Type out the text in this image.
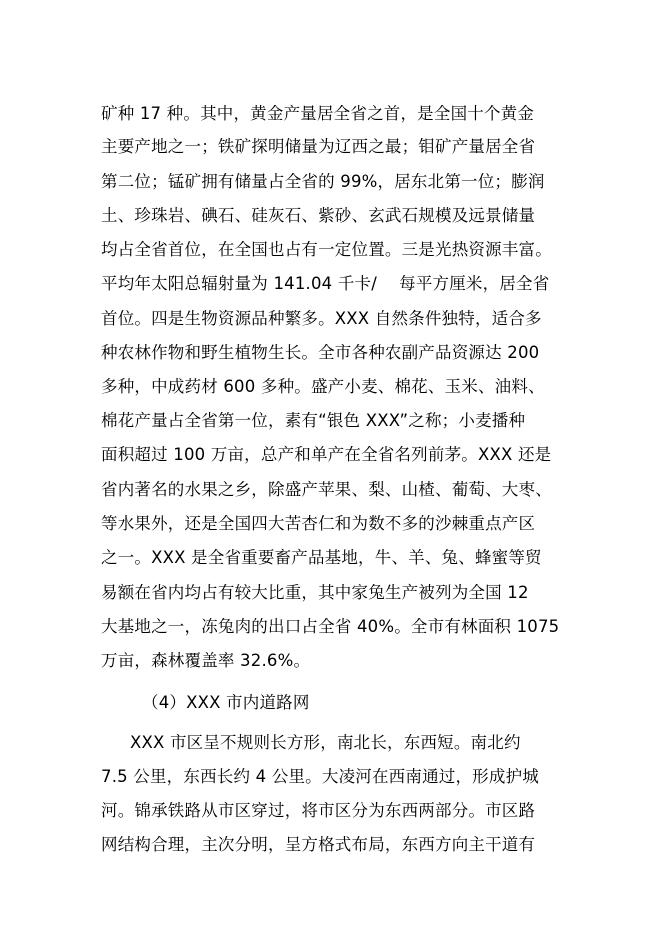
矿种 17 种。其中，黄金产量居全省之首，是全国十个黄金
主要产地之一；铁矿探明储量为辽西之最；钼矿产量居全省
第二位；锰矿拥有储量占全省的 99%，居东北第一位；膨润
土、珍珠岩、碘石、硅灰石、紫砂、玄武石规模及远景储量
均占全省首位，在全国也占有一定位置。三是光热资源丰富。
平均年太阳总辐射量为 141.04 千卡/　 每平方厘米，居全省
首位。四是生物资源品种繁多。XXX 自然条件独特，适合多
种农林作物和野生植物生长。全市各种农副产品资源达 200
多种，中成药材 600 多种。盛产小麦、棉花、玉米、油料、
棉花产量占全省第一位，素有“银色 XXX”之称；小麦播种
面积超过 100 万亩，总产和单产在全省名列前茅。XXX 还是
省内著名的水果之乡，除盛产苹果、梨、山楂、葡萄、大枣、
等水果外，还是全国四大苦杏仁和为数不多的沙棘重点产区
之一。XXX 是全省重要畜产品基地，牛、羊、兔、蜂蜜等贸
易额在省内均占有较大比重，其中家兔生产被列为全国 12
大基地之一，冻兔肉的出口占全省 40%。全市有林面积 1075
万亩，森林覆盖率 32.6%。
（4）XXX 市内道路网
XXX 市区呈不规则长方形，南北长，东西短。南北约
7.5 公里，东西长约 4 公里。大凌河在西南通过，形成护城
河。锦承铁路从市区穿过，将市区分为东西两部分。市区路
网结构合理，主次分明，呈方格式布局，东西方向主干道有
